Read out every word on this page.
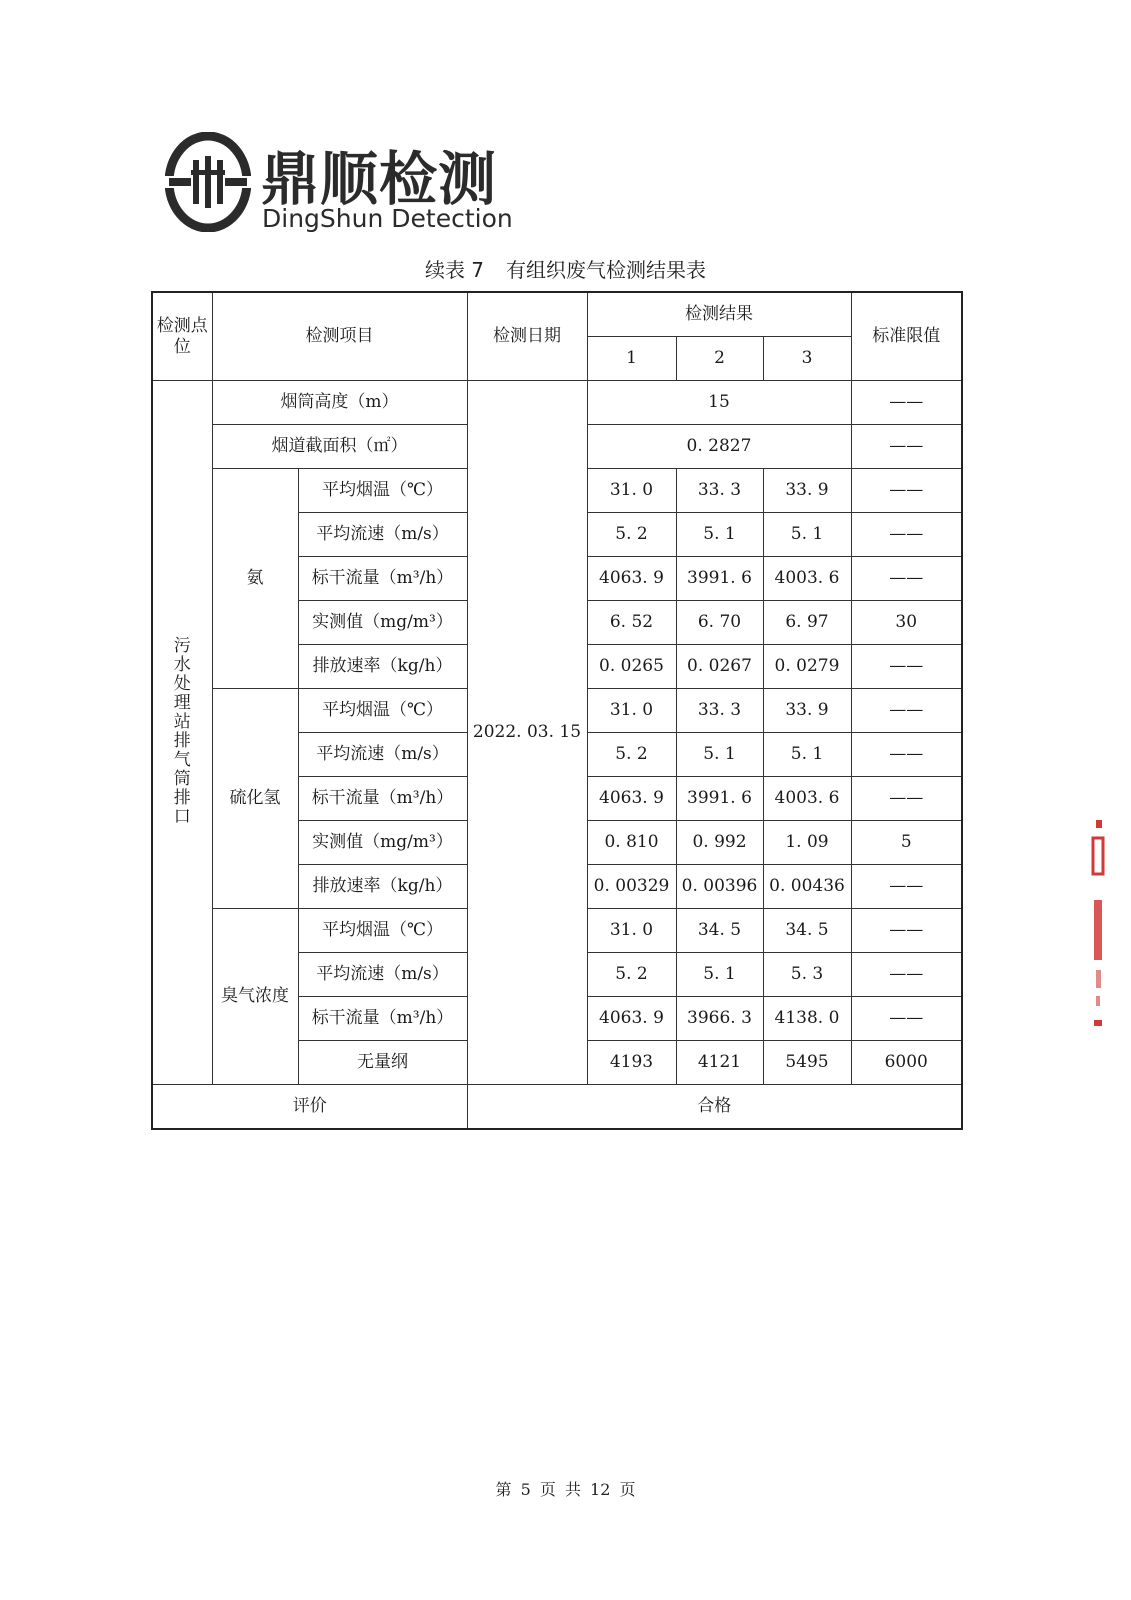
鼎顺检测
DingShun Detection
续表 7 有组织废气检测结果表
检测点位	检测项目		检测日期	检测结果			标准限值
				1	2	3	
污水处理站排气筒排口	烟筒高度（m）		2022. 03. 15	15			——
	烟道截面积（㎡）			0. 2827			——
	氨	平均烟温（℃）		31. 0	33. 3	33. 9	——
		平均流速（m/s）		5. 2	5. 1	5. 1	——
		标干流量（m³/h）		4063. 9	3991. 6	4003. 6	——
		实测值（mg/m³）		6. 52	6. 70	6. 97	30
		排放速率（kg/h）		0. 0265	0. 0267	0. 0279	——
	硫化氢	平均烟温（℃）		31. 0	33. 3	33. 9	——
		平均流速（m/s）		5. 2	5. 1	5. 1	——
		标干流量（m³/h）		4063. 9	3991. 6	4003. 6	——
		实测值（mg/m³）		0. 810	0. 992	1. 09	5
		排放速率（kg/h）		0. 00329	0. 00396	0. 00436	——
	臭气浓度	平均烟温（℃）		31. 0	34. 5	34. 5	——
		平均流速（m/s）		5. 2	5. 1	5. 3	——
		标干流量（m³/h）		4063. 9	3966. 3	4138. 0	——
		无量纲		4193	4121	5495	6000
评价			合格				
第 5 页 共 12 页
